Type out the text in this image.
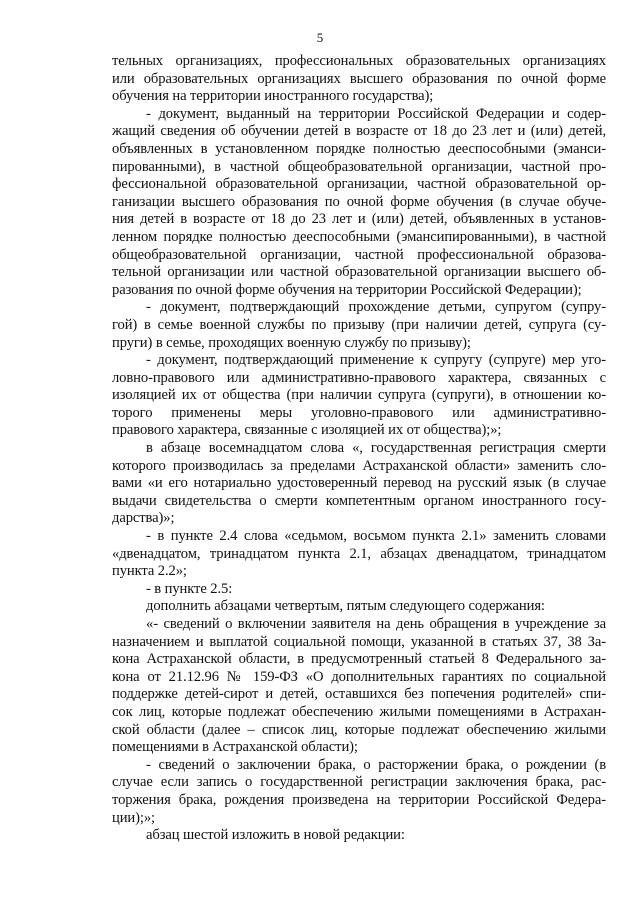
5
тельных организациях, профессиональных образовательных организациях
или образовательных организациях высшего образования по очной форме
обучения на территории иностранного государства);
- документ, выданный на территории Российской Федерации и содер-
жащий сведения об обучении детей в возрасте от 18 до 23 лет и (или) детей,
объявленных в установленном порядке полностью дееспособными (эманси-
пированными), в частной общеобразовательной организации, частной про-
фессиональной образовательной организации, частной образовательной ор-
ганизации высшего образования по очной форме обучения (в случае обуче-
ния детей в возрасте от 18 до 23 лет и (или) детей, объявленных в установ-
ленном порядке полностью дееспособными (эмансипированными), в частной
общеобразовательной организации, частной профессиональной образова-
тельной организации или частной образовательной организации высшего об-
разования по очной форме обучения на территории Российской Федерации);
- документ, подтверждающий прохождение детьми, супругом (супру-
гой) в семье военной службы по призыву (при наличии детей, супруга (су-
пруги) в семье, проходящих военную службу по призыву);
- документ, подтверждающий применение к супругу (супруге) мер уго-
ловно-правового или административно-правового характера, связанных с
изоляцией их от общества (при наличии супруга (супруги), в отношении ко-
торого применены меры уголовно-правового или административно-
правового характера, связанные с изоляцией их от общества);»;
в абзаце восемнадцатом слова «, государственная регистрация смерти
которого производилась за пределами Астраханской области» заменить сло-
вами «и его нотариально удостоверенный перевод на русский язык (в случае
выдачи свидетельства о смерти компетентным органом иностранного госу-
дарства)»;
- в пункте 2.4 слова «седьмом, восьмом пункта 2.1» заменить словами
«двенадцатом, тринадцатом пункта 2.1, абзацах двенадцатом, тринадцатом
пункта 2.2»;
- в пункте 2.5:
дополнить абзацами четвертым, пятым следующего содержания:
«- сведений о включении заявителя на день обращения в учреждение за
назначением и выплатой социальной помощи, указанной в статьях 37, 38 За-
кона Астраханской области, в предусмотренный статьей 8 Федерального за-
кона от 21.12.96 № 159-ФЗ «О дополнительных гарантиях по социальной
поддержке детей-сирот и детей, оставшихся без попечения родителей» спи-
сок лиц, которые подлежат обеспечению жилыми помещениями в Астрахан-
ской области (далее – список лиц, которые подлежат обеспечению жилыми
помещениями в Астраханской области);
- сведений о заключении брака, о расторжении брака, о рождении (в
случае если запись о государственной регистрации заключения брака, рас-
торжения брака, рождения произведена на территории Российской Федера-
ции);»;
абзац шестой изложить в новой редакции:
